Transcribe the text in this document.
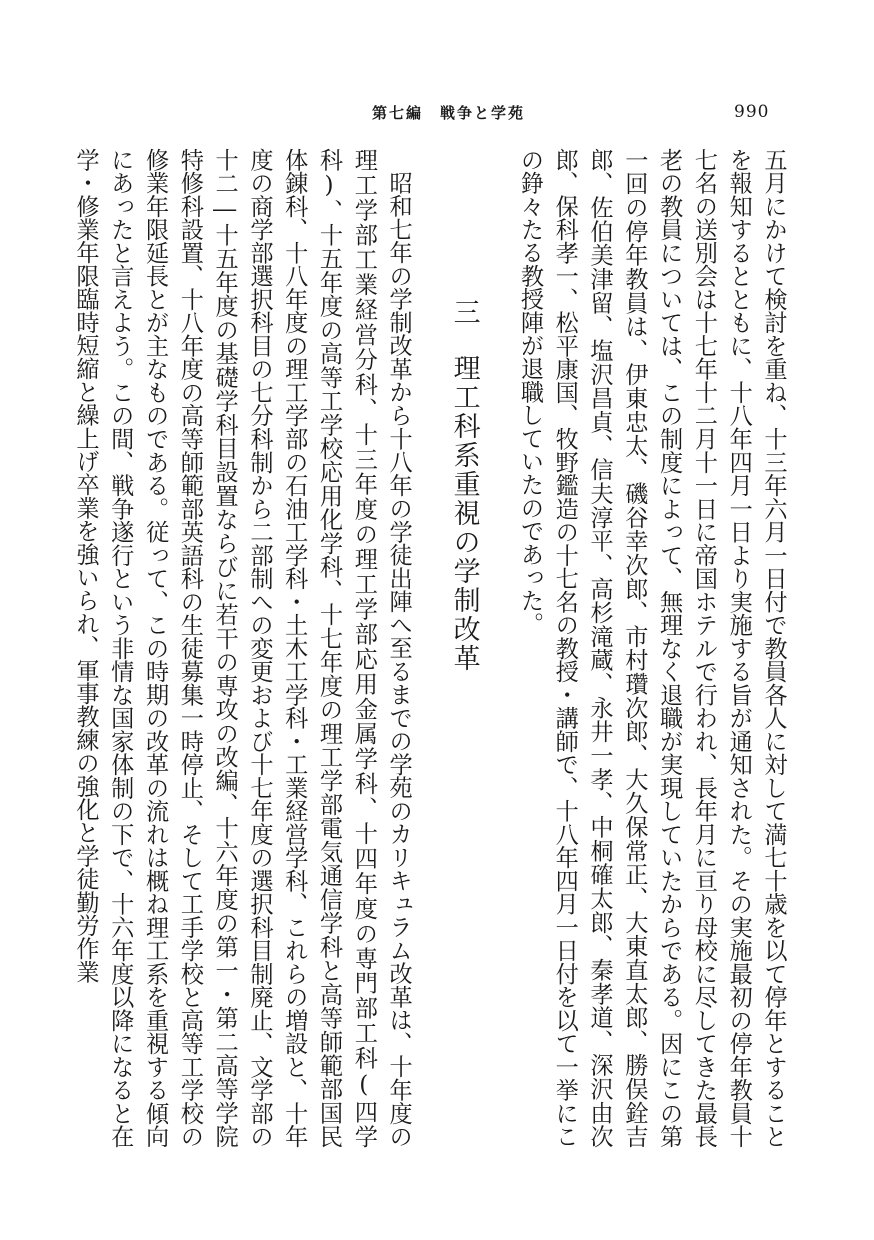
第七編　戦争と学苑	990

五月にかけて検討を重ね、十三年六月一日付で教員各人に対して満七十歳を以て停年とすることを報知するとともに、十八年四月一日より実施する旨が通知された。その実施最初の停年教員十七名の送別会は十七年十二月十一日に帝国ホテルで行われ、長年月に亘り母校に尽してきた最長老の教員については、この制度によって、無理なく退職が実現していたからである。因にこの第一回の停年教員は、伊東忠太、磯谷幸次郎、市村瓚次郎、大久保常正、大東直太郎、勝俣銓吉郎、佐伯美津留、塩沢昌貞、信夫淳平、高杉滝蔵、永井一孝、中桐確太郎、秦孝道、深沢由次郎、保科孝一、松平康国、牧野鑑造の十七名の教授・講師で、十八年四月一日付を以て一挙にこの錚々たる教授陣が退職していたのであった。

三理工科系重視の学制改革

昭和七年の学制改革から十八年の学徒出陣へ至るまでの学苑のカリキュラム改革は、十年度の理工学部工業経営分科、十三年度の理工学部応用金属学科、十四年度の専門部工科(四学科)、十五年度の高等工学校応用化学科、十七年度の理工学部電気通信学科と高等師範部国民体錬科、十八年度の理工学部の石油工学科・土木工学科・工業経営学科、これらの増設と、十年度の商学部選択科目の七分科制から二部制への変更および十七年度の選択科目制廃止、文学部の十二―十五年度の基礎学科目設置ならびに若干の専攻の改編、十六年度の第一・第二高等学院特修科設置、十八年度の高等師範部英語科の生徒募集一時停止、そして工手学校と高等工学校の修業年限延長とが主なものである。従って、この時期の改革の流れは概ね理工系を重視する傾向にあったと言えよう。この間、戦争遂行という非情な国家体制の下で、十六年度以降になると在学・修業年限臨時短縮と繰上げ卒業を強いられ、軍事教練の強化と学徒勤労作業
